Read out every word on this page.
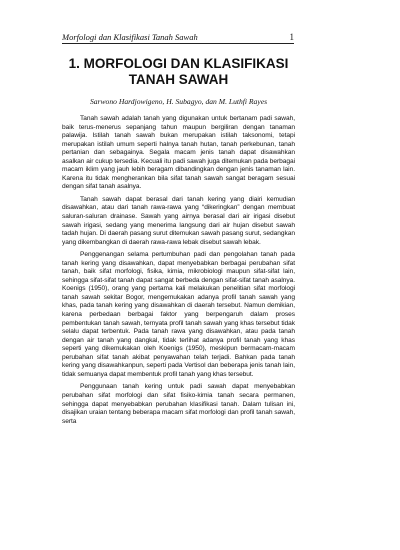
Morfologi dan Klasifikasi Tanah Sawah	1
1. MORFOLOGI DAN KLASIFIKASI
TANAH SAWAH
Sarwono Hardjowigeno, H. Subagyo, dan M. Luthfi Rayes

Tanah sawah adalah tanah yang digunakan untuk bertanam padi sawah, baik terus-menerus sepanjang tahun maupun bergiliran dengan tanaman palawija. Istilah tanah sawah bukan merupakan istilah taksonomi, tetapi merupakan istilah umum seperti halnya tanah hutan, tanah perkebunan, tanah pertanian dan sebagainya. Segala macam jenis tanah dapat disawahkan asalkan air cukup tersedia. Kecuali itu padi sawah juga ditemukan pada berbagai macam iklim yang jauh lebih beragam dibandingkan dengan jenis tanaman lain. Karena itu tidak mengherankan bila sifat tanah sawah sangat beragam sesuai dengan sifat tanah asalnya.

Tanah sawah dapat berasal dari tanah kering yang diairi kemudian disawahkan, atau dari tanah rawa-rawa yang “dikeringkan” dengan membuat saluran-saluran drainase. Sawah yang airnya berasal dari air irigasi disebut sawah irigasi, sedang yang menerima langsung dari air hujan disebut sawah tadah hujan. Di daerah pasang surut ditemukan sawah pasang surut, sedangkan yang dikembangkan di daerah rawa-rawa lebak disebut sawah lebak.

Penggenangan selama pertumbuhan padi dan pengolahan tanah pada tanah kering yang disawahkan, dapat menyebabkan berbagai perubahan sifat tanah, baik sifat morfologi, fisika, kimia, mikrobiologi maupun sifat-sifat lain, sehingga sifat-sifat tanah dapat sangat berbeda dengan sifat-sifat tanah asalnya. Koenigs (1950), orang yang pertama kali melakukan penelitian sifat morfologi tanah sawah sekitar Bogor, mengemukakan adanya profil tanah sawah yang khas, pada tanah kering yang disawahkan di daerah tersebut. Namun demikian, karena perbedaan berbagai faktor yang berpengaruh dalam proses pembentukan tanah sawah, ternyata profil tanah sawah yang khas tersebut tidak selalu dapat terbentuk. Pada tanah rawa yang disawahkan, atau pada tanah dengan air tanah yang dangkal, tidak terlihat adanya profil tanah yang khas seperti yang dikemukakan oleh Koenigs (1950), meskipun bermacam-macam perubahan sifat tanah akibat penyawahan telah terjadi. Bahkan pada tanah kering yang disawahkanpun, seperti pada Vertisol dan beberapa jenis tanah lain, tidak semuanya dapat membentuk profil tanah yang khas tersebut.

Penggunaan tanah kering untuk padi sawah dapat menyebabkan perubahan sifat morfologi dan sifat fisiko-kimia tanah secara permanen, sehingga dapat menyebabkan perubahan klasifikasi tanah. Dalam tulisan ini, disajikan uraian tentang beberapa macam sifat morfologi dan profil tanah sawah, serta
